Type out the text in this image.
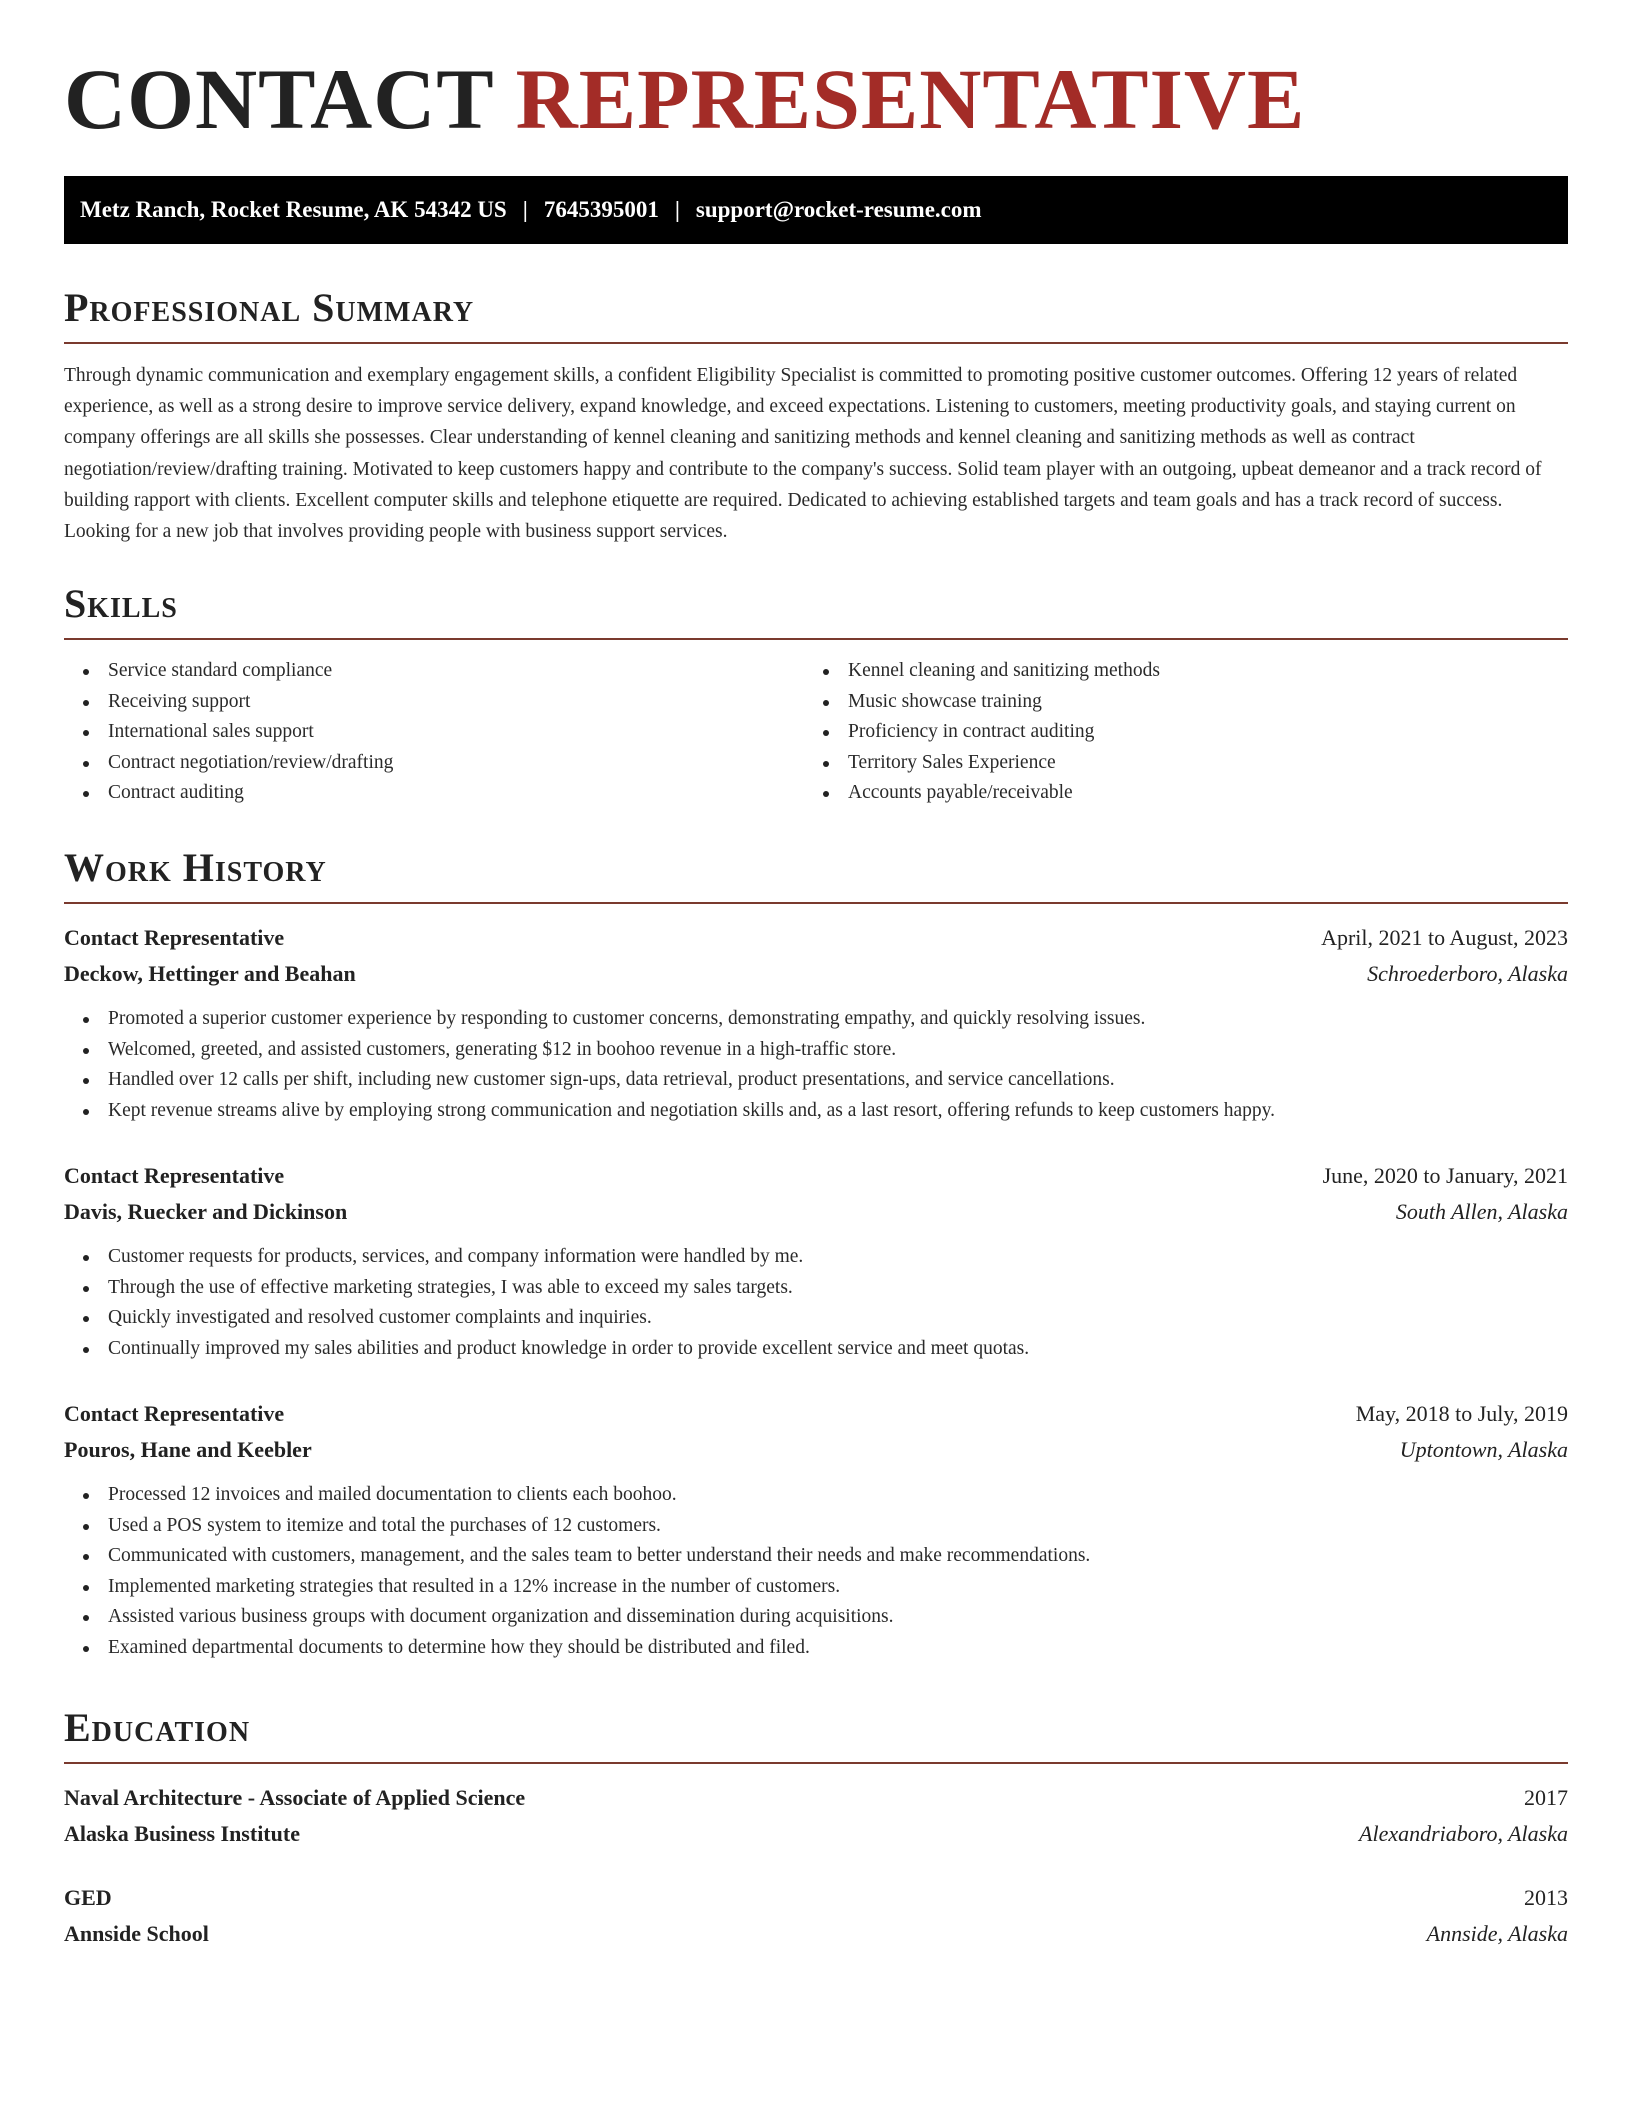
CONTACT REPRESENTATIVE
Metz Ranch, Rocket Resume, AK 54342 US | 7645395001 | support@rocket-resume.com
Professional Summary

Through dynamic communication and exemplary engagement skills, a confident Eligibility Specialist is committed to promoting positive customer outcomes. Offering 12 years of related experience, as well as a strong desire to improve service delivery, expand knowledge, and exceed expectations. Listening to customers, meeting productivity goals, and staying current on company offerings are all skills she possesses. Clear understanding of kennel cleaning and sanitizing methods and kennel cleaning and sanitizing methods as well as contract negotiation/review/drafting training. Motivated to keep customers happy and contribute to the company's success. Solid team player with an outgoing, upbeat demeanor and a track record of building rapport with clients. Excellent computer skills and telephone etiquette are required. Dedicated to achieving established targets and team goals and has a track record of success. Looking for a new job that involves providing people with business support services.

Skills
Service standard compliance
Receiving support
International sales support
Contract negotiation/review/drafting
Contract auditing
Kennel cleaning and sanitizing methods
Music showcase training
Proficiency in contract auditing
Territory Sales Experience
Accounts payable/receivable
Work History
Contact Representative	April, 2021 to August, 2023
Deckow, Hettinger and Beahan	Schroederboro, Alaska
Promoted a superior customer experience by responding to customer concerns, demonstrating empathy, and quickly resolving issues.
Welcomed, greeted, and assisted customers, generating $12 in boohoo revenue in a high-traffic store.
Handled over 12 calls per shift, including new customer sign-ups, data retrieval, product presentations, and service cancellations.
Kept revenue streams alive by employing strong communication and negotiation skills and, as a last resort, offering refunds to keep customers happy.
Contact Representative	June, 2020 to January, 2021
Davis, Ruecker and Dickinson	South Allen, Alaska
Customer requests for products, services, and company information were handled by me.
Through the use of effective marketing strategies, I was able to exceed my sales targets.
Quickly investigated and resolved customer complaints and inquiries.
Continually improved my sales abilities and product knowledge in order to provide excellent service and meet quotas.
Contact Representative	May, 2018 to July, 2019
Pouros, Hane and Keebler	Uptontown, Alaska
Processed 12 invoices and mailed documentation to clients each boohoo.
Used a POS system to itemize and total the purchases of 12 customers.
Communicated with customers, management, and the sales team to better understand their needs and make recommendations.
Implemented marketing strategies that resulted in a 12% increase in the number of customers.
Assisted various business groups with document organization and dissemination during acquisitions.
Examined departmental documents to determine how they should be distributed and filed.
Education
Naval Architecture - Associate of Applied Science	2017
Alaska Business Institute	Alexandriaboro, Alaska
GED	2013
Annside School	Annside, Alaska
